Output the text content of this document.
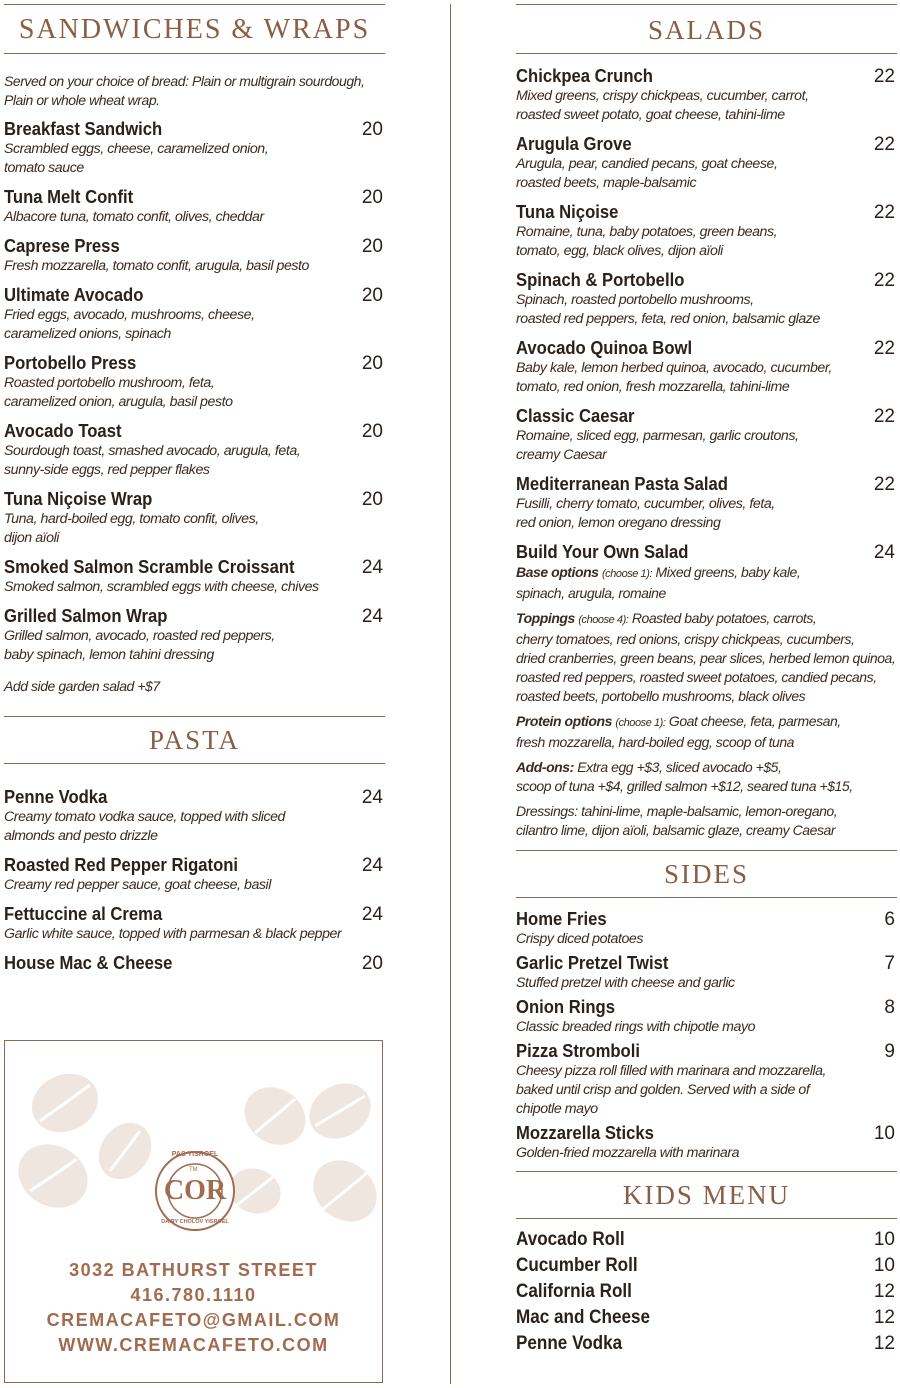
SANDWICHES & WRAPS
Served on your choice of bread: Plain or multigrain sourdough,
Plain or whole wheat wrap.
Breakfast Sandwich	20
Scrambled eggs, cheese, caramelized onion,
tomato sauce
Tuna Melt Confit	20
Albacore tuna, tomato confit, olives, cheddar
Caprese Press	20
Fresh mozzarella, tomato confit, arugula, basil pesto
Ultimate Avocado	20
Fried eggs, avocado, mushrooms, cheese,
caramelized onions, spinach
Portobello Press	20
Roasted portobello mushroom, feta,
caramelized onion, arugula, basil pesto
Avocado Toast	20
Sourdough toast, smashed avocado, arugula, feta,
sunny-side eggs, red pepper flakes
Tuna Niçoise Wrap	20
Tuna, hard-boiled egg, tomato confit, olives,
dijon aïoli
Smoked Salmon Scramble Croissant	24
Smoked salmon, scrambled eggs with cheese, chives
Grilled Salmon Wrap	24
Grilled salmon, avocado, roasted red peppers,
baby spinach, lemon tahini dressing
Add side garden salad +$7
PASTA
Penne Vodka	24
Creamy tomato vodka sauce, topped with sliced
almonds and pesto drizzle
Roasted Red Pepper Rigatoni	24
Creamy red pepper sauce, goat cheese, basil
Fettuccine al Crema	24
Garlic white sauce, topped with parmesan & black pepper
House Mac & Cheese	20
PAS YISROEL
COR
DAIRY CHOLOV YISROEL
TM
3032 BATHURST STREET
416.780.1110
CREMACAFETO@GMAIL.COM
WWW.CREMACAFETO.COM
SALADS
Chickpea Crunch	22
Mixed greens, crispy chickpeas, cucumber, carrot,
roasted sweet potato, goat cheese, tahini-lime
Arugula Grove	22
Arugula, pear, candied pecans, goat cheese,
roasted beets, maple-balsamic
Tuna Niçoise	22
Romaine, tuna, baby potatoes, green beans,
tomato, egg, black olives, dijon aïoli
Spinach & Portobello	22
Spinach, roasted portobello mushrooms,
roasted red peppers, feta, red onion, balsamic glaze
Avocado Quinoa Bowl	22
Baby kale, lemon herbed quinoa, avocado, cucumber,
tomato, red onion, fresh mozzarella, tahini-lime
Classic Caesar	22
Romaine, sliced egg, parmesan, garlic croutons,
creamy Caesar
Mediterranean Pasta Salad	22
Fusilli, cherry tomato, cucumber, olives, feta,
red onion, lemon oregano dressing
Build Your Own Salad	24
Base options (choose 1): Mixed greens, baby kale,
spinach, arugula, romaine
Toppings (choose 4): Roasted baby potatoes, carrots,
cherry tomatoes, red onions, crispy chickpeas, cucumbers,
dried cranberries, green beans, pear slices, herbed lemon quinoa,
roasted red peppers, roasted sweet potatoes, candied pecans,
roasted beets, portobello mushrooms, black olives
Protein options (choose 1): Goat cheese, feta, parmesan,
fresh mozzarella, hard-boiled egg, scoop of tuna
Add-ons: Extra egg +$3, sliced avocado +$5,
scoop of tuna +$4, grilled salmon +$12, seared tuna +$15,
Dressings: tahini-lime, maple-balsamic, lemon-oregano,
cilantro lime, dijon aïoli, balsamic glaze, creamy Caesar
SIDES
Home Fries	6
Crispy diced potatoes
Garlic Pretzel Twist	7
Stuffed pretzel with cheese and garlic
Onion Rings	8
Classic breaded rings with chipotle mayo
Pizza Stromboli	9
Cheesy pizza roll filled with marinara and mozzarella,
baked until crisp and golden. Served with a side of
chipotle mayo
Mozzarella Sticks	10
Golden-fried mozzarella with marinara
KIDS MENU
Avocado Roll	10
Cucumber Roll	10
California Roll	12
Mac and Cheese	12
Penne Vodka	12
